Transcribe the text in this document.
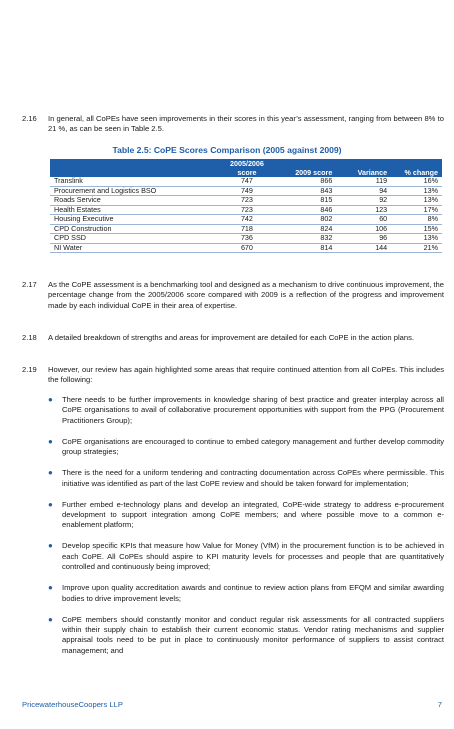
2.16	In general, all CoPEs have seen improvements in their scores in this year’s assessment, ranging from between 8% to 21 %, as can be seen in Table 2.5.
Table 2.5: CoPE Scores Comparison (2005 against 2009)
	2005/2006 score	2009 score	Variance	% change
Translink	747	866	119	16%
Procurement and Logistics BSO	749	843	94	13%
Roads Service	723	815	92	13%
Health Estates	723	846	123	17%
Housing Executive	742	802	60	8%
CPD Construction	718	824	106	15%
CPD SSD	736	832	96	13%
NI Water	670	814	144	21%
2.17	As the CoPE assessment is a benchmarking tool and designed as a mechanism to drive continuous improvement, the percentage change from the 2005/2006 score compared with 2009 is a reflection of the progress and improvement made by each individual CoPE in their area of expertise.
2.18	A detailed breakdown of strengths and areas for improvement are detailed for each CoPE in the action plans.
2.19	However, our review has again highlighted some areas that require continued attention from all CoPEs. This includes the following:
● There needs to be further improvements in knowledge sharing of best practice and greater interplay across all CoPE organisations to avail of collaborative procurement opportunities with support from the PPG (Procurement Practitioners Group);
● CoPE organisations are encouraged to continue to embed category management and further develop commodity group strategies;
● There is the need for a uniform tendering and contracting documentation across CoPEs where permissible. This initiative was identified as part of the last CoPE review and should be taken forward for implementation;
● Further embed e-technology plans and develop an integrated, CoPE-wide strategy to address e-procurement development to support integration among CoPE members; and where possible move to a common e-enablement platform;
● Develop specific KPIs that measure how Value for Money (VfM) in the procurement function is to be achieved in each CoPE. All CoPEs should aspire to KPI maturity levels for processes and people that are quantitatively controlled and continuously being improved;
● Improve upon quality accreditation awards and continue to review action plans from EFQM and similar awarding bodies to drive improvement levels;
● CoPE members should constantly monitor and conduct regular risk assessments for all contracted suppliers within their supply chain to establish their current economic status. Vendor rating mechanisms and supplier appraisal tools need to be put in place to continuously monitor performance of suppliers to assist contract management; and
PricewaterhouseCoopers LLP	7
